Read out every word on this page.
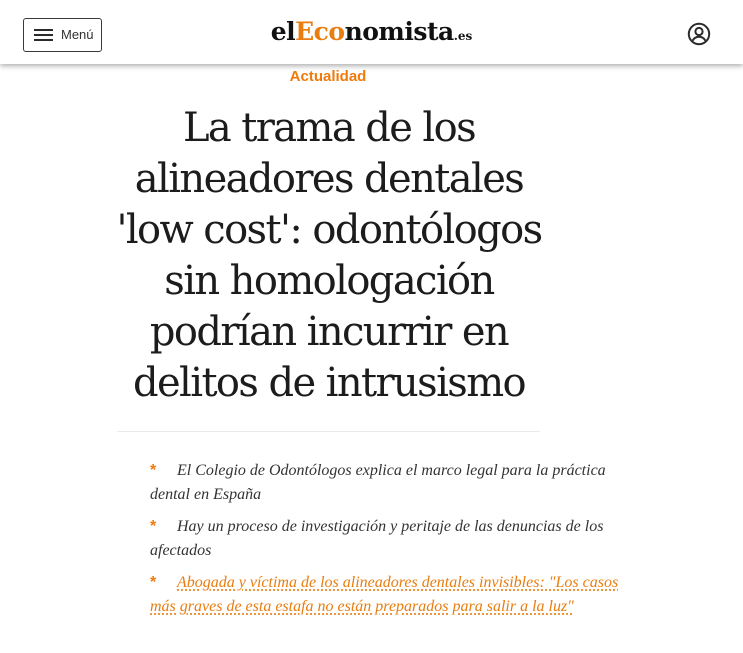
Menú	elEconomista.es
Actualidad
La trama de los alineadores dentales 'low cost': odontólogos sin homologación podrían incurrir en delitos de intrusismo
* El Colegio de Odontólogos explica el marco legal para la práctica dental en España
* Hay un proceso de investigación y peritaje de las denuncias de los afectados
* Abogada y víctima de los alineadores dentales invisibles: "Los casos más graves de esta estafa no están preparados para salir a la luz"
